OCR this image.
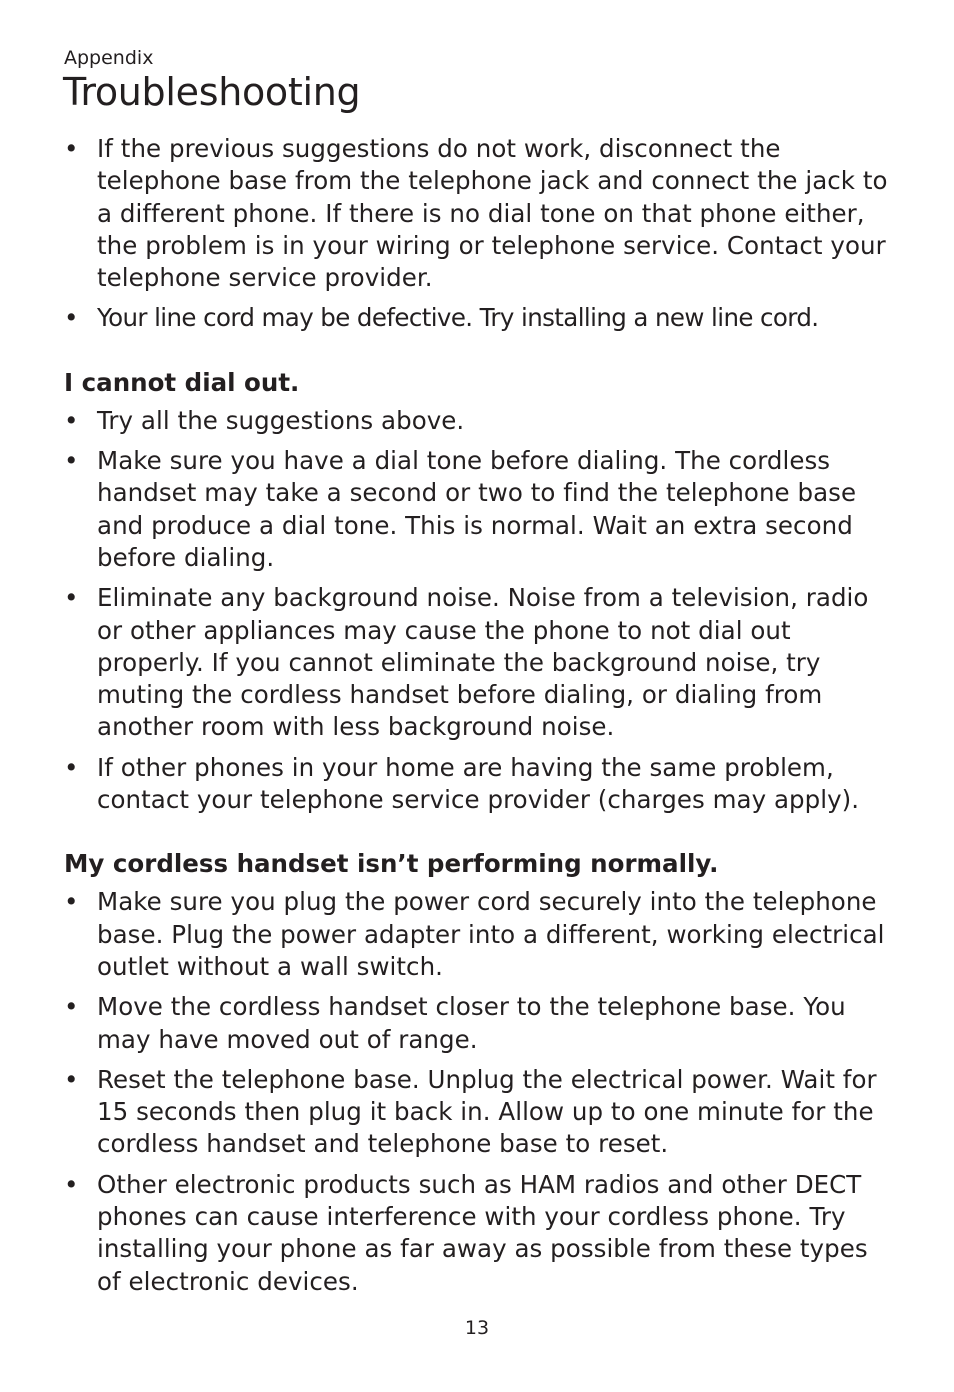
Appendix
Troubleshooting
• If the previous suggestions do not work, disconnect the telephone base from the telephone jack and connect the jack to a different phone. If there is no dial tone on that phone either, the problem is in your wiring or telephone service. Contact your telephone service provider.
• Your line cord may be defective. Try installing a new line cord.
I cannot dial out.
• Try all the suggestions above.
• Make sure you have a dial tone before dialing. The cordless handset may take a second or two to find the telephone base and produce a dial tone. This is normal. Wait an extra second before dialing.
• Eliminate any background noise. Noise from a television, radio or other appliances may cause the phone to not dial out properly. If you cannot eliminate the background noise, try muting the cordless handset before dialing, or dialing from another room with less background noise.
• If other phones in your home are having the same problem, contact your telephone service provider (charges may apply).
My cordless handset isn’t performing normally.
• Make sure you plug the power cord securely into the telephone base. Plug the power adapter into a different, working electrical outlet without a wall switch.
• Move the cordless handset closer to the telephone base. You may have moved out of range.
• Reset the telephone base. Unplug the electrical power. Wait for 15 seconds then plug it back in. Allow up to one minute for the cordless handset and telephone base to reset.
• Other electronic products such as HAM radios and other DECT phones can cause interference with your cordless phone. Try installing your phone as far away as possible from these types of electronic devices.
13
